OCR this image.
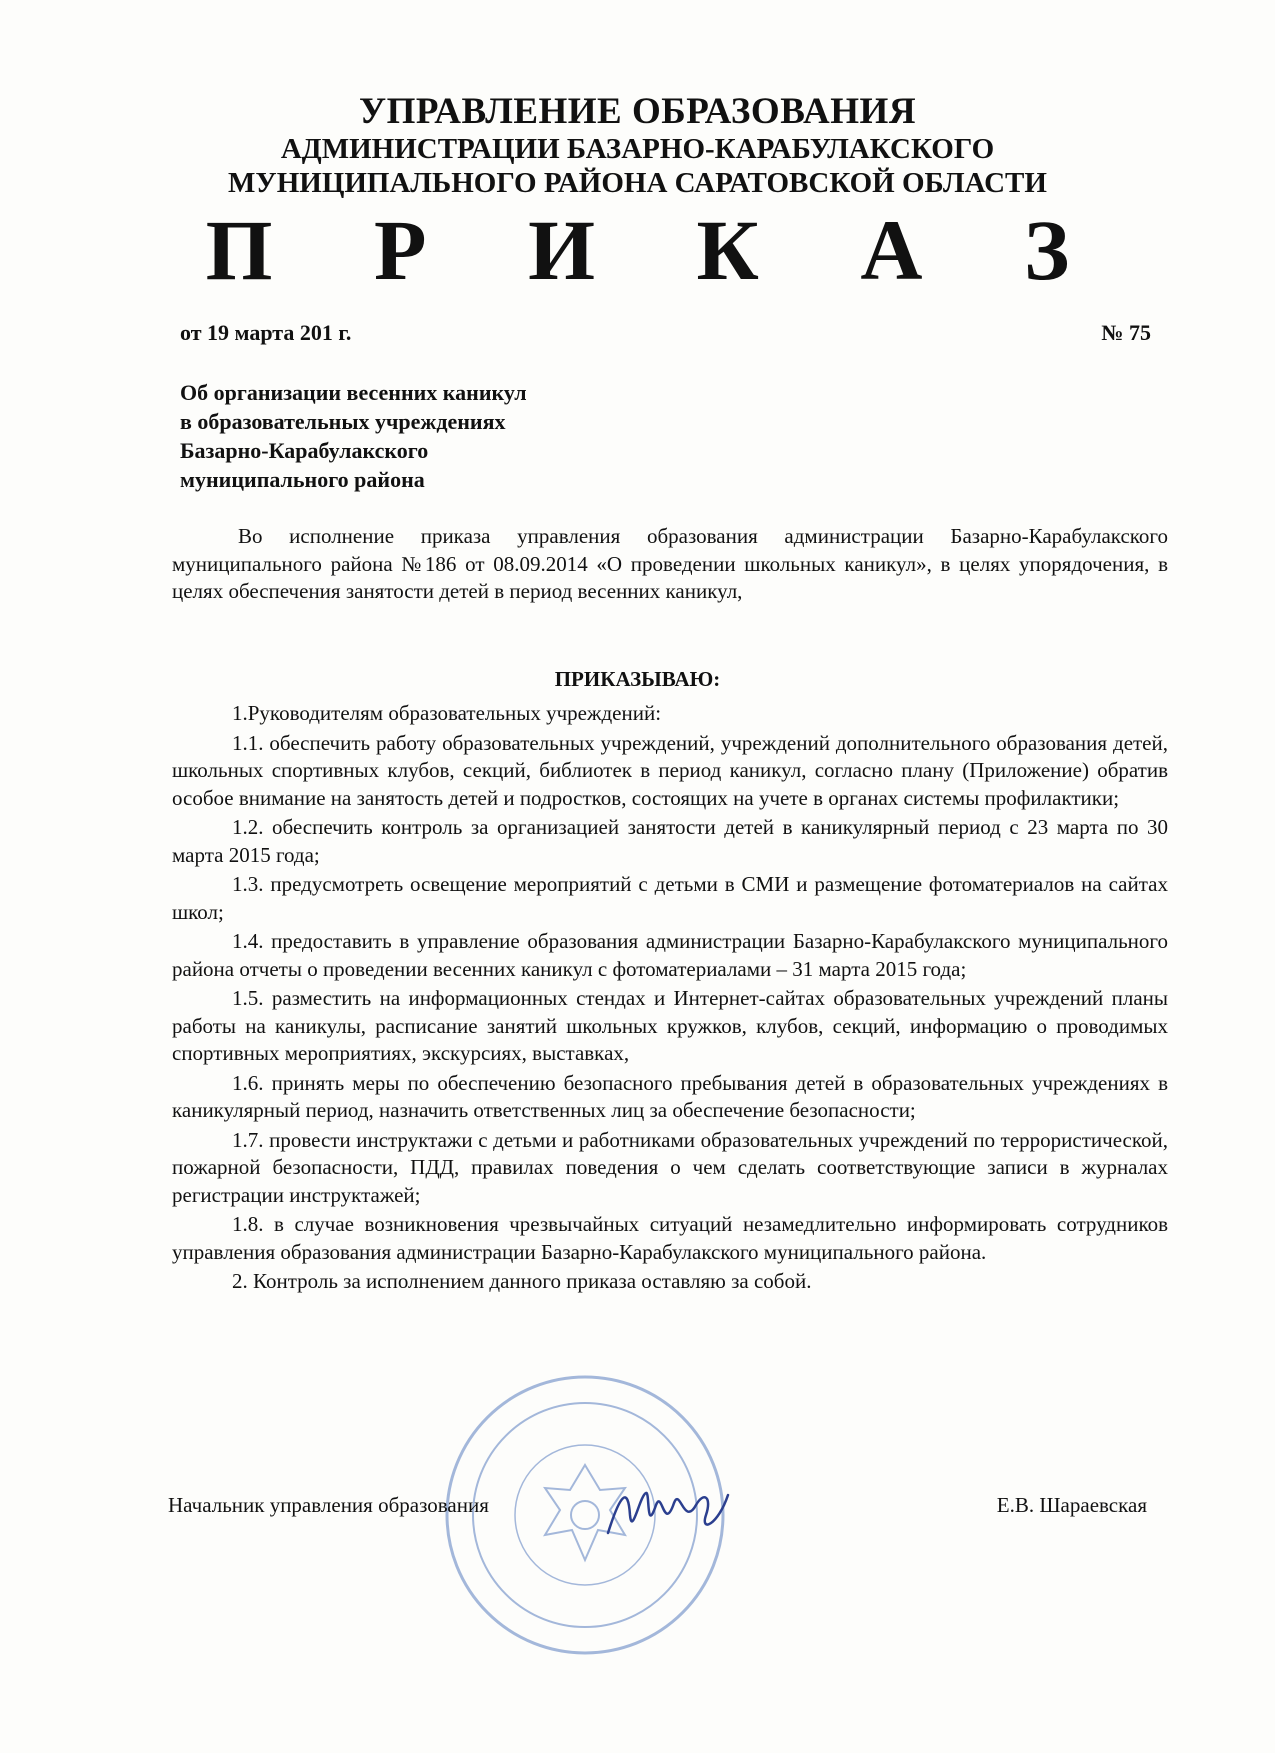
УПРАВЛЕНИЕ ОБРАЗОВАНИЯ
АДМИНИСТРАЦИИ БАЗАРНО-КАРАБУЛАКСКОГО
МУНИЦИПАЛЬНОГО РАЙОНА САРАТОВСКОЙ ОБЛАСТИ
П Р И К А З
от 19 марта 201 г.	№ 75
Об организации весенних каникул
в образовательных учреждениях
Базарно-Карабулакского
муниципального района
Во исполнение приказа управления образования администрации Базарно-Карабулакского муниципального района №186 от 08.09.2014 «О проведении школьных каникул», в целях упорядочения, в целях обеспечения занятости детей в период весенних каникул,
ПРИКАЗЫВАЮ:
1.Руководителям образовательных учреждений:
1.1. обеспечить работу образовательных учреждений, учреждений дополнительного образования детей, школьных спортивных клубов, секций, библиотек в период каникул, согласно плану (Приложение) обратив особое внимание на занятость детей и подростков, состоящих на учете в органах системы профилактики;
1.2. обеспечить контроль за организацией занятости детей в каникулярный период с 23 марта по 30 марта 2015 года;
1.3. предусмотреть освещение мероприятий с детьми в СМИ и размещение фотоматериалов на сайтах школ;
1.4. предоставить в управление образования администрации Базарно-Карабулакского муниципального района отчеты о проведении весенних каникул с фотоматериалами – 31 марта 2015 года;
1.5. разместить на информационных стендах и Интернет-сайтах образовательных учреждений планы работы на каникулы, расписание занятий школьных кружков, клубов, секций, информацию о проводимых спортивных мероприятиях, экскурсиях, выставках,
1.6. принять меры по обеспечению безопасного пребывания детей в образовательных учреждениях в каникулярный период, назначить ответственных лиц за обеспечение безопасности;
1.7. провести инструктажи с детьми и работниками образовательных учреждений по террористической, пожарной безопасности, ПДД, правилах поведения о чем сделать соответствующие записи в журналах регистрации инструктажей;
1.8. в случае возникновения чрезвычайных ситуаций незамедлительно информировать сотрудников управления образования администрации Базарно-Карабулакского муниципального района.
2. Контроль за исполнением данного приказа оставляю за собой.
Начальник управления образования	Е.В. Шараевская
